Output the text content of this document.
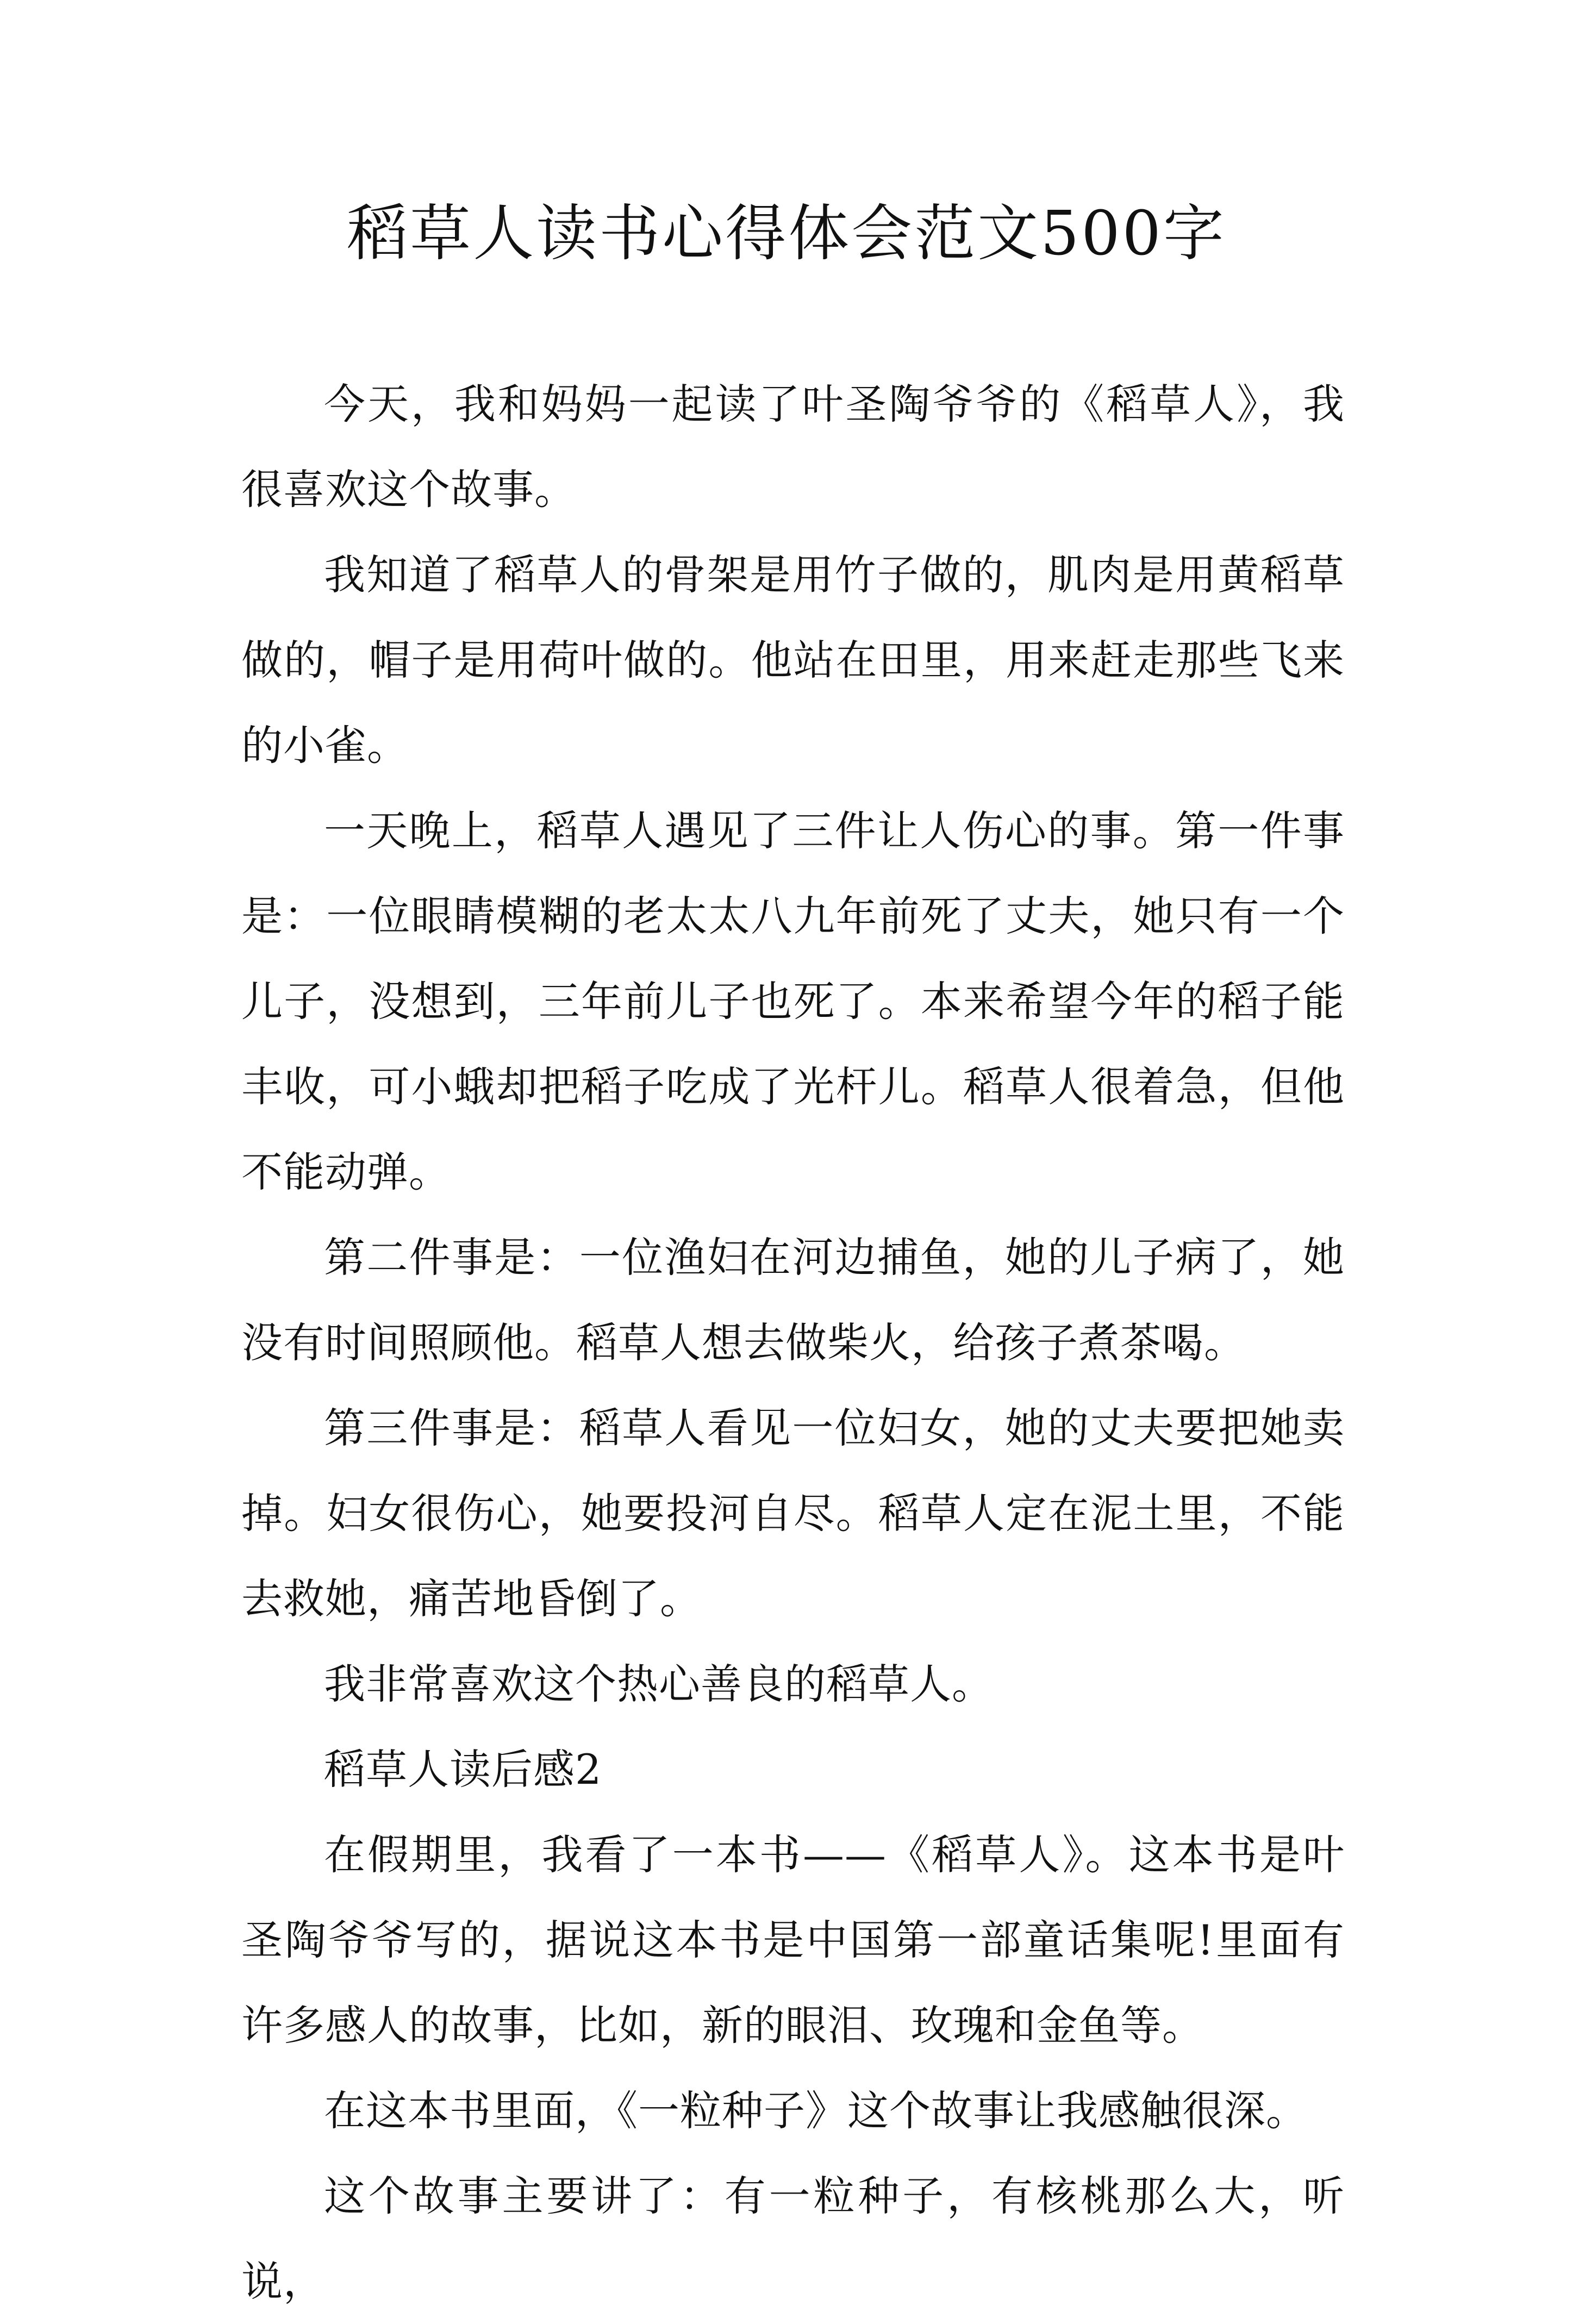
稻草人读书心得体会范文500字

今天，我和妈妈一起读了叶圣陶爷爷的《稻草人》，我很喜欢这个故事。

我知道了稻草人的骨架是用竹子做的，肌肉是用黄稻草做的，帽子是用荷叶做的。他站在田里，用来赶走那些飞来的小雀。

一天晚上，稻草人遇见了三件让人伤心的事。第一件事是：一位眼睛模糊的老太太八九年前死了丈夫，她只有一个儿子，没想到，三年前儿子也死了。本来希望今年的稻子能丰收，可小蛾却把稻子吃成了光杆儿。稻草人很着急，但他不能动弹。

第二件事是：一位渔妇在河边捕鱼，她的儿子病了，她没有时间照顾他。稻草人想去做柴火，给孩子煮茶喝。

第三件事是：稻草人看见一位妇女，她的丈夫要把她卖掉。妇女很伤心，她要投河自尽。稻草人定在泥土里，不能去救她，痛苦地昏倒了。

我非常喜欢这个热心善良的稻草人。

稻草人读后感2

在假期里，我看了一本书——《稻草人》。这本书是叶圣陶爷爷写的，据说这本书是中国第一部童话集呢!里面有许多感人的故事，比如，新的眼泪、玫瑰和金鱼等。

在这本书里面，《一粒种子》这个故事让我感触很深。

这个故事主要讲了：有一粒种子，有核桃那么大，听说，
